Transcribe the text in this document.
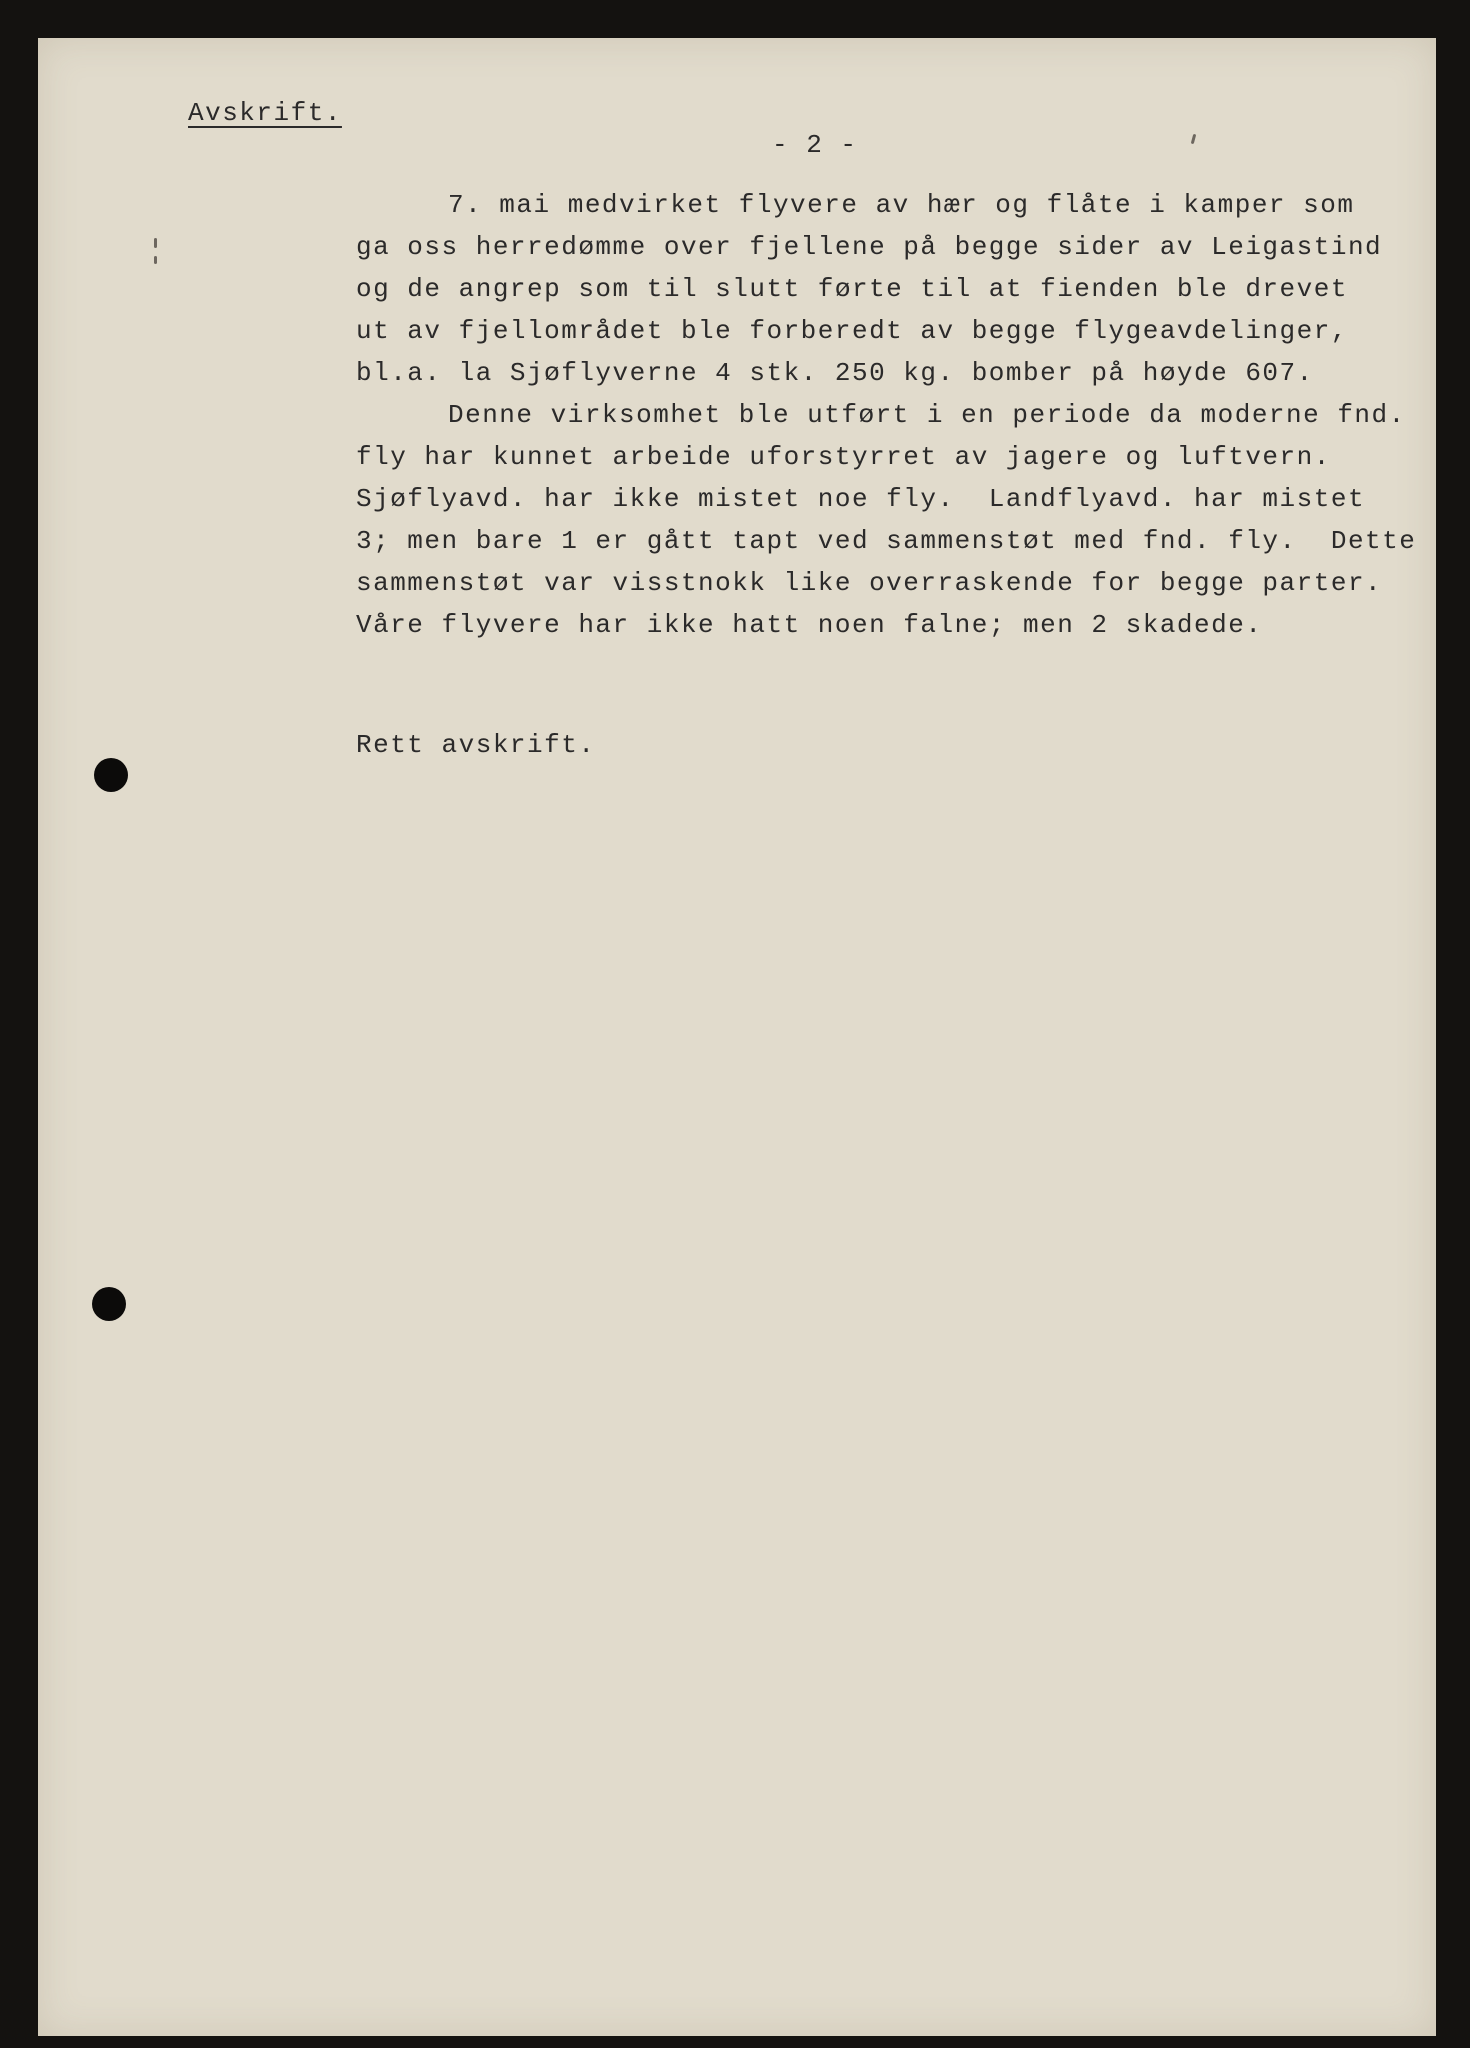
Avskrift.

- 2 -

7. mai medvirket flyvere av hær og flåte i kamper som

ga oss herredømme over fjellene på begge sider av Leigastind

og de angrep som til slutt førte til at fienden ble drevet

ut av fjellområdet ble forberedt av begge flygeavdelinger,

bl.a. la Sjøflyverne 4 stk. 250 kg. bomber på høyde 607.

Denne virksomhet ble utført i en periode da moderne fnd.

fly har kunnet arbeide uforstyrret av jagere og luftvern.

Sjøflyavd. har ikke mistet noe fly.  Landflyavd. har mistet

3; men bare 1 er gått tapt ved sammenstøt med fnd. fly.  Dette

sammenstøt var visstnokk like overraskende for begge parter.

Våre flyvere har ikke hatt noen falne; men 2 skadede.

Rett avskrift.
